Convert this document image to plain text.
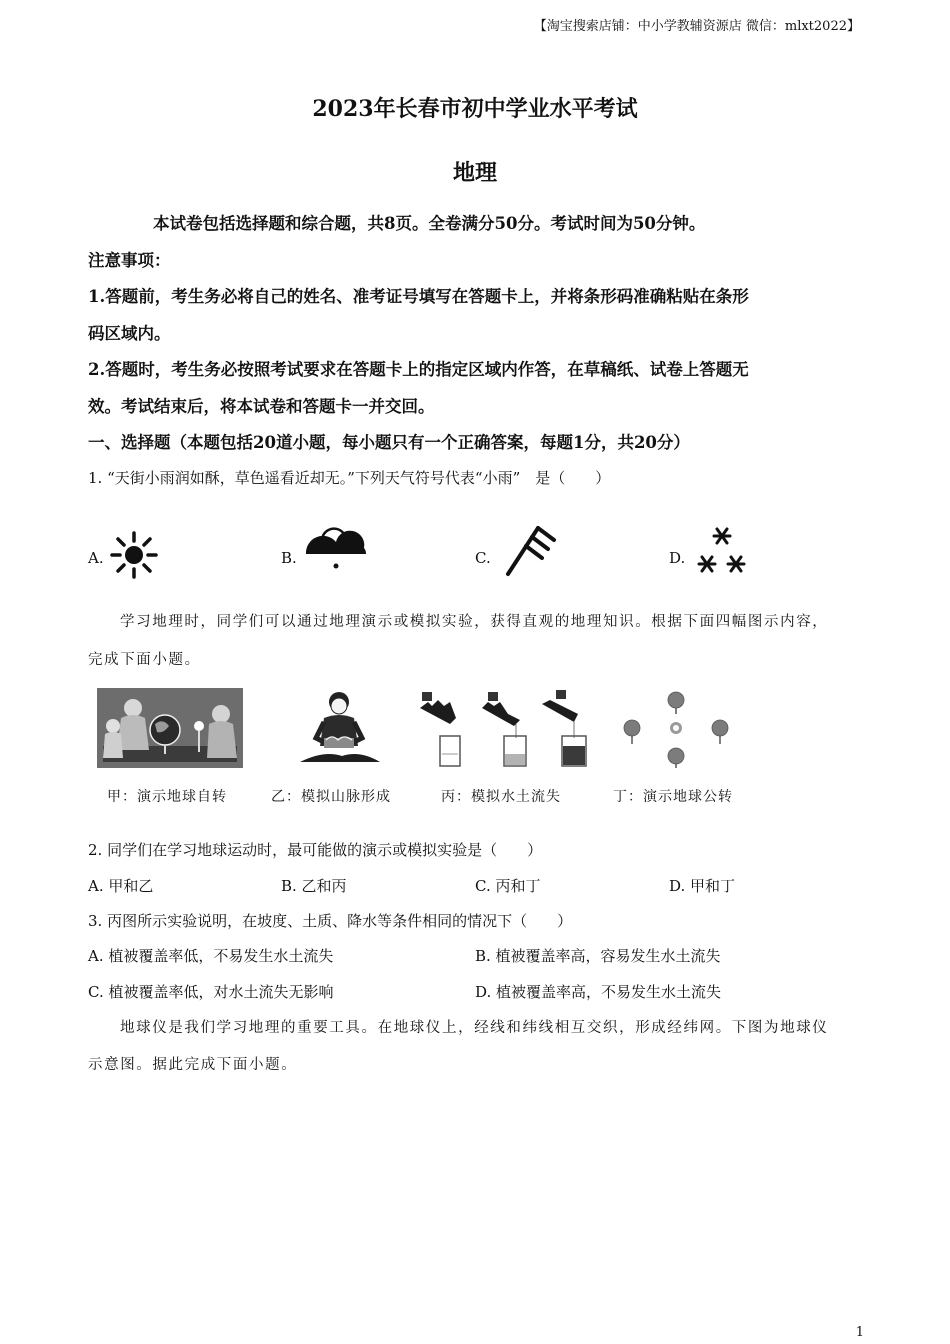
【淘宝搜索店铺：中小学教辅资源店 微信：mlxt2022】
2023年长春市初中学业水平考试
地理
本试卷包括选择题和综合题，共8页。全卷满分50分。考试时间为50分钟。
注意事项：
1.答题前，考生务必将自己的姓名、准考证号填写在答题卡上，并将条形码准确粘贴在条形
码区域内。
2.答题时，考生务必按照考试要求在答题卡上的指定区域内作答，在草稿纸、试卷上答题无
效。考试结束后，将本试卷和答题卡一并交回。
一、选择题（本题包括20道小题，每小题只有一个正确答案，每题1分，共20分）
1. “天街小雨润如酥，草色遥看近却无。”下列天气符号代表“小雨”　是（　　）
A.	B.	C.	D.
学习地理时，同学们可以通过地理演示或模拟实验，获得直观的地理知识。根据下面四幅图示内容，
完成下面小题。
甲：演示地球自转	乙：模拟山脉形成	丙：模拟水土流失	丁：演示地球公转
2. 同学们在学习地球运动时，最可能做的演示或模拟实验是（　　）
A. 甲和乙	B. 乙和丙	C. 丙和丁	D. 甲和丁
3. 丙图所示实验说明，在坡度、土质、降水等条件相同的情况下（　　）
A. 植被覆盖率低，不易发生水土流失	B. 植被覆盖率高，容易发生水土流失
C. 植被覆盖率低，对水土流失无影响	D. 植被覆盖率高，不易发生水土流失
地球仪是我们学习地理的重要工具。在地球仪上，经线和纬线相互交织，形成经纬网。下图为地球仪
示意图。据此完成下面小题。
1
